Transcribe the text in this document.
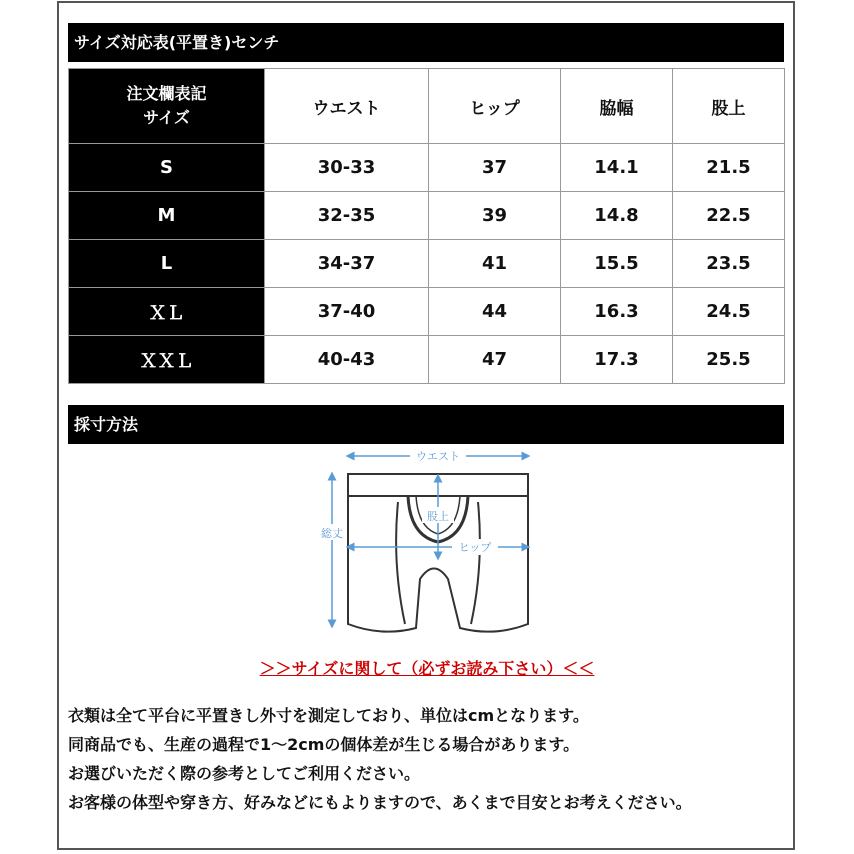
サイズ対応表(平置き)センチ
注文欄表記
サイズ	ウエスト	ヒップ	脇幅	股上
S	30-33	37	14.1	21.5
M	32-35	39	14.8	22.5
L	34-37	41	15.5	23.5
ＸＬ	37-40	44	16.3	24.5
ＸＸＬ	40-43	47	17.3	25.5
採寸方法
ウエスト
総丈
股上
ヒップ
＞＞サイズに関して（必ずお読み下さい）＜＜

衣類は全て平台に平置きし外寸を測定しており、単位はcmとなります。

同商品でも、生産の過程で1～2cmの個体差が生じる場合があります。

お選びいただく際の参考としてご利用ください。

お客様の体型や穿き方、好みなどにもよりますので、あくまで目安とお考えください。
